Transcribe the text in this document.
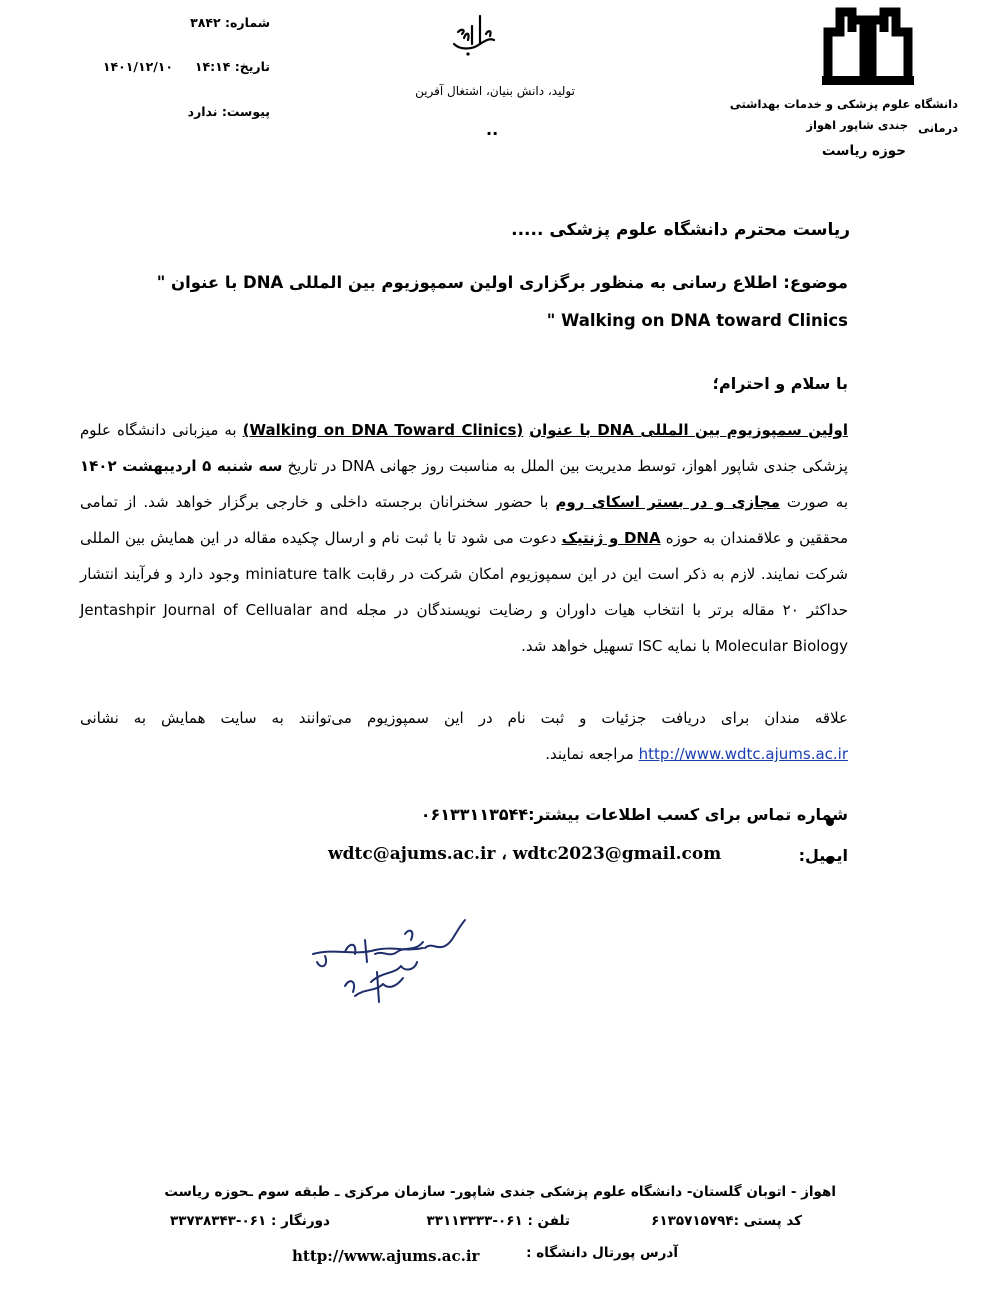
دانشگاه علوم پزشکی و خدمات بهداشتی درمانی
جندی شاپور اهواز
حوزه ریاست
تولید، دانش بنیان، اشتغال آفرین
..
شماره: ۳۸۴۲
تاریخ: ۱۴:۱۴     ۱۴۰۱/۱۲/۱۰
پیوست: ندارد
ریاست محترم دانشگاه علوم پزشکی .....
موضوع: اطلاع رسانی به منظور برگزاری اولین سمپوزیوم بین المللی DNA با عنوان " Walking on DNA toward Clinics "
با سلام و احترام؛
اولین سمپوزیوم بین المللی DNA با عنوان (Walking on DNA Toward Clinics) به میزبانی دانشگاه علوم پزشکی جندی شاپور اهواز، توسط مدیریت بین الملل به مناسبت روز جهانی DNA در تاریخ سه شنبه ۵ اردیبهشت ۱۴۰۲ به صورت مجازی و در بستر اسکای روم با حضور سخنرانان برجسته داخلی و خارجی برگزار خواهد شد. از تمامی محققین و علاقمندان به حوزه DNA و ژنتیک دعوت می شود تا با ثبت نام و ارسال چکیده مقاله در این همایش بین المللی شرکت نمایند. لازم به ذکر است این در این سمپوزیوم امکان شرکت در رقابت miniature talk وجود دارد و فرآیند انتشار حداکثر ۲۰ مقاله برتر با انتخاب هیات داوران و رضایت نویسندگان در مجله Jentashpir Journal of Cellualar and Molecular Biology با نمایه ISC تسهیل خواهد شد.
علاقه مندان برای دریافت جزئیات و ثبت نام در این سمپوزیوم می‌توانند به سایت همایش به نشانی http://www.wdtc.ajums.ac.ir مراجعه نمایند.
شماره تماس برای کسب اطلاعات بیشتر:۰۶۱۳۳۱۱۳۵۴۴
ایمیل:
wdtc@ajums.ac.ir ، wdtc2023@gmail.com
اهواز - اتوبان گلستان- دانشگاه علوم پزشکی جندی شاپور- سازمان مرکزی ـ طبقه سوم ـحوزه ریاست
کد پستی :۶۱۳۵۷۱۵۷۹۴
تلفن : ۰۶۱-۳۳۱۱۳۳۳۳
دورنگار : ۰۶۱-۳۳۷۳۸۳۴۳
آدرس پورتال دانشگاه :
http://www.ajums.ac.ir
